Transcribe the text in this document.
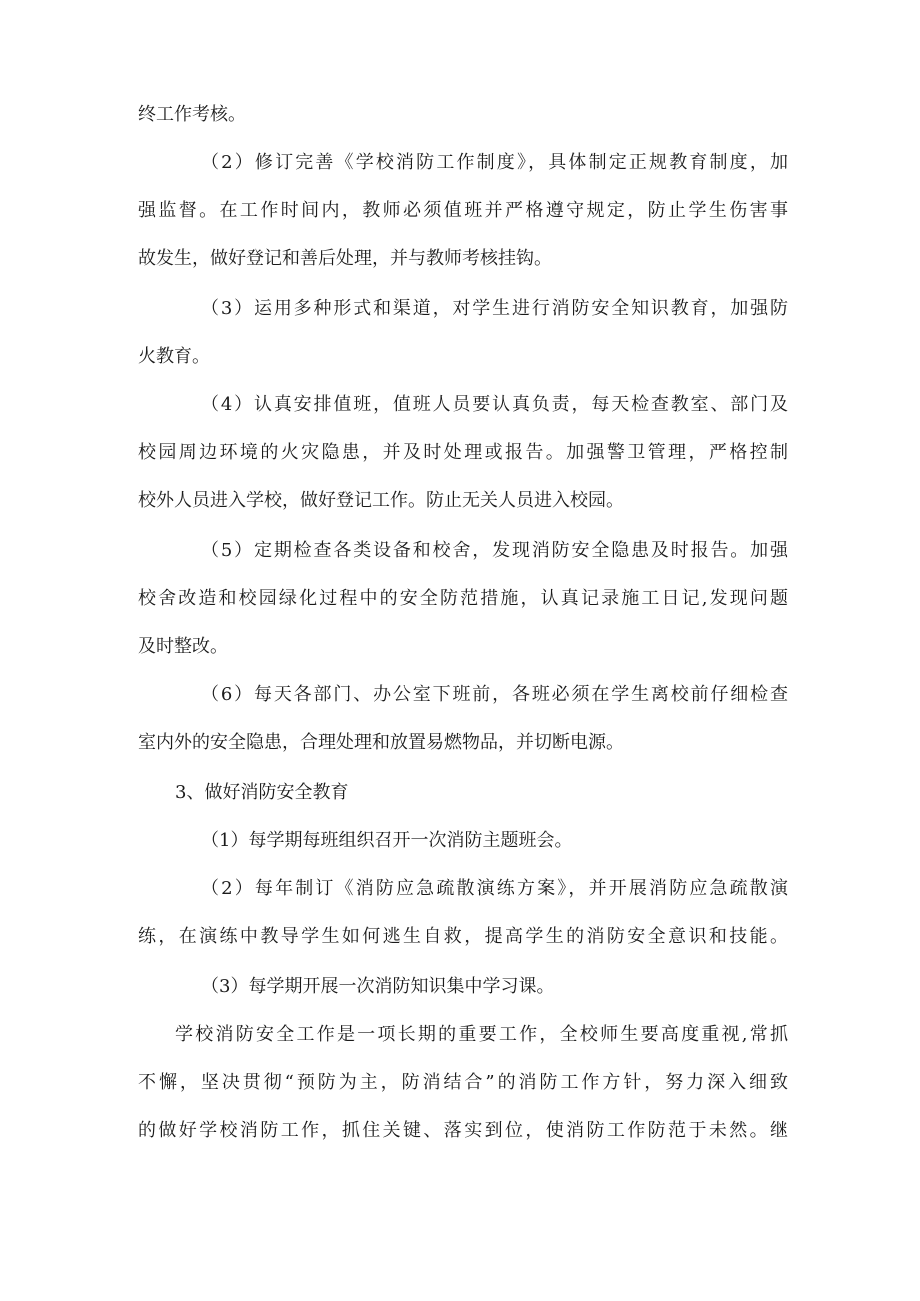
终工作考核。
（2）修订完善《学校消防工作制度》，具体制定正规教育制度，加
强监督。在工作时间内，教师必须值班并严格遵守规定，防止学生伤害事
故发生，做好登记和善后处理，并与教师考核挂钩。
（3）运用多种形式和渠道，对学生进行消防安全知识教育，加强防
火教育。
（4）认真安排值班，值班人员要认真负责，每天检查教室、部门及
校园周边环境的火灾隐患，并及时处理或报告。加强警卫管理，严格控制
校外人员进入学校，做好登记工作。防止无关人员进入校园。
（5）定期检查各类设备和校舍，发现消防安全隐患及时报告。加强
校舍改造和校园绿化过程中的安全防范措施，认真记录施工日记,发现问题
及时整改。
（6）每天各部门、办公室下班前，各班必须在学生离校前仔细检查
室内外的安全隐患，合理处理和放置易燃物品，并切断电源。
3、做好消防安全教育
（1）每学期每班组织召开一次消防主题班会。
（2）每年制订《消防应急疏散演练方案》，并开展消防应急疏散演
练，在演练中教导学生如何逃生自救，提高学生的消防安全意识和技能。
（3）每学期开展一次消防知识集中学习课。
学校消防安全工作是一项长期的重要工作，全校师生要高度重视,常抓
不懈，坚决贯彻“预防为主，防消结合”的消防工作方针，努力深入细致
的做好学校消防工作，抓住关键、落实到位，使消防工作防范于未然。继
